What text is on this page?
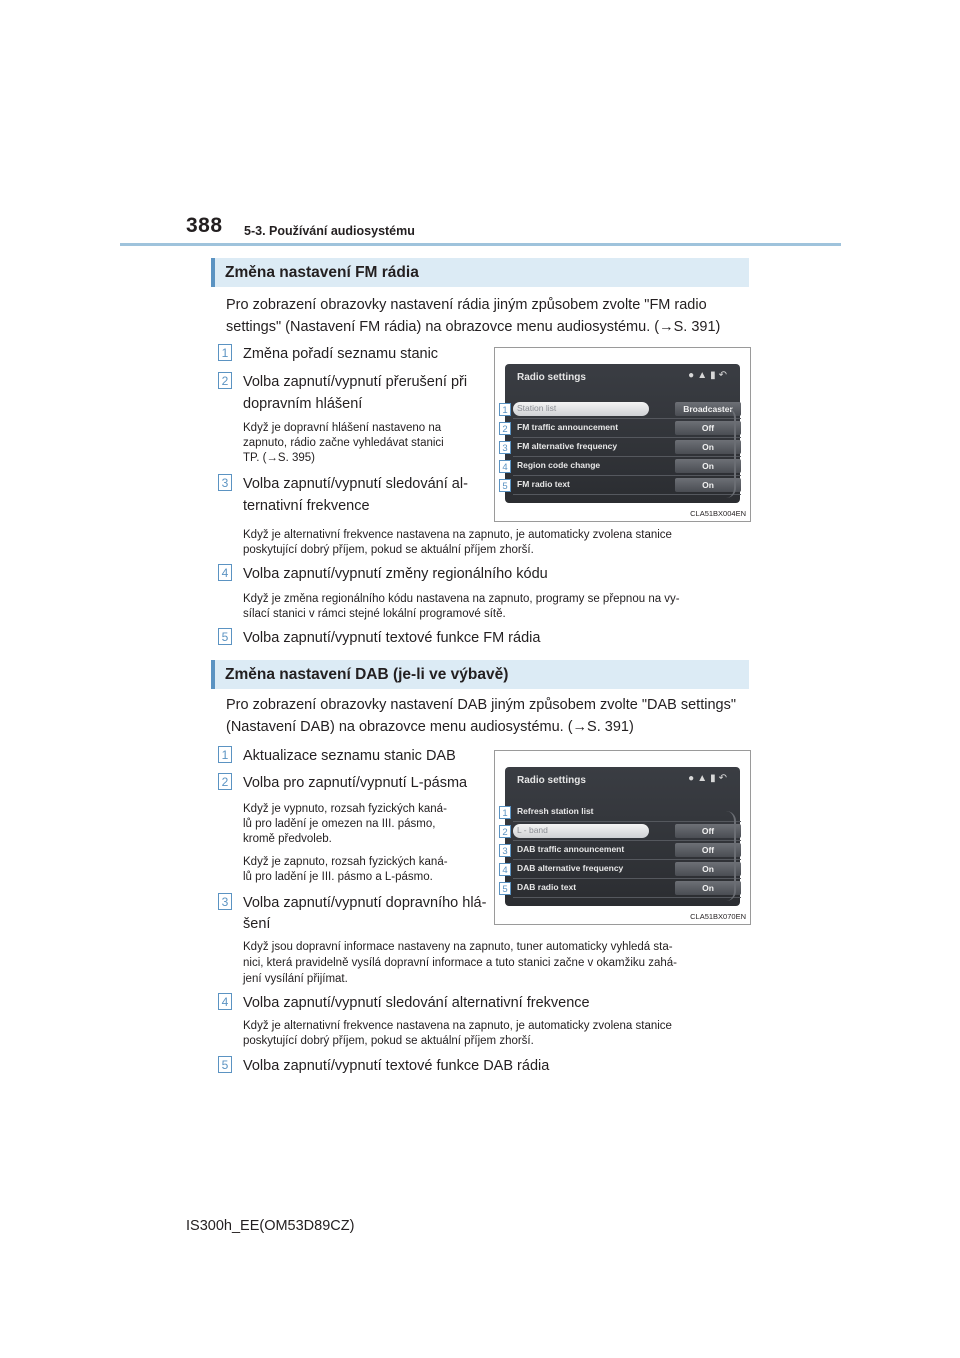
388 5-3. Používání audiosystému
Změna nastavení FM rádia
Pro zobrazení obrazovky nastavení rádia jiným způsobem zvolte "FM radio
settings" (Nastavení FM rádia) na obrazovce menu audiosystému. (→S. 391)
1 Změna pořadí seznamu stanic
2 Volba zapnutí/vypnutí přerušení při
dopravním hlášení
Když je dopravní hlášení nastaveno na
zapnuto, rádio začne vyhledávat stanici
TP. (→S. 395)
3 Volba zapnutí/vypnutí sledování al-
ternativní frekvence
Když je alternativní frekvence nastavena na zapnuto, je automaticky zvolena stanice
poskytující dobrý příjem, pokud se aktuální příjem zhorší.
4 Volba zapnutí/vypnutí změny regionálního kódu
Když je změna regionálního kódu nastavena na zapnuto, programy se přepnou na vy-
sílací stanici v rámci stejné lokální programové sítě.
5 Volba zapnutí/vypnutí textové funkce FM rádia
Radio settings	●▲▮↶
Station list	Broadcaster
FM traffic announcement	Off
FM alternative frequency	On
Region code change	On
FM radio text	On
1
2
3
4
5
CLA51BX004EN
Změna nastavení DAB (je-li ve výbavě)
Pro zobrazení obrazovky nastavení DAB jiným způsobem zvolte "DAB settings"
(Nastavení DAB) na obrazovce menu audiosystému. (→S. 391)
1 Aktualizace seznamu stanic DAB
2 Volba pro zapnutí/vypnutí L-pásma
Když je vypnuto, rozsah fyzických kaná-
lů pro ladění je omezen na III. pásmo,
kromě předvoleb.
Když je zapnuto, rozsah fyzických kaná-
lů pro ladění je III. pásmo a L-pásmo.
3 Volba zapnutí/vypnutí dopravního hlá-
šení
Když jsou dopravní informace nastaveny na zapnuto, tuner automaticky vyhledá sta-
nici, která pravidelně vysílá dopravní informace a tuto stanici začne v okamžiku zahá-
jení vysílání přijímat.
4 Volba zapnutí/vypnutí sledování alternativní frekvence
Když je alternativní frekvence nastavena na zapnuto, je automaticky zvolena stanice
poskytující dobrý příjem, pokud se aktuální příjem zhorší.
5 Volba zapnutí/vypnutí textové funkce DAB rádia
Radio settings	●▲▮↶
Refresh station list
L - band	Off
DAB traffic announcement	Off
DAB alternative frequency	On
DAB radio text	On
1
2
3
4
5
CLA51BX070EN
IS300h_EE(OM53D89CZ)
